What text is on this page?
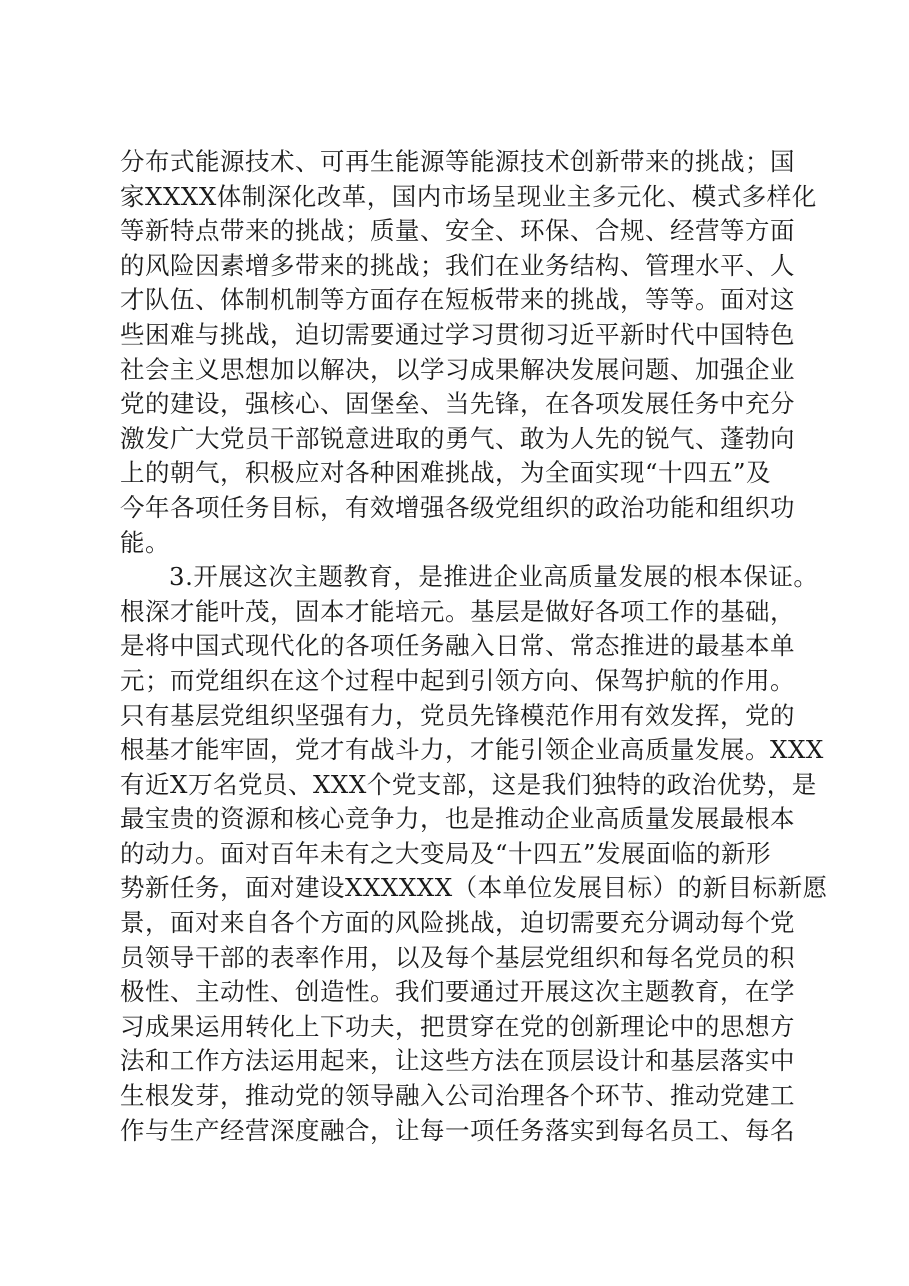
分布式能源技术、可再生能源等能源技术创新带来的挑战；国
家XXXX体制深化改革，国内市场呈现业主多元化、模式多样化
等新特点带来的挑战；质量、安全、环保、合规、经营等方面
的风险因素增多带来的挑战；我们在业务结构、管理水平、人
才队伍、体制机制等方面存在短板带来的挑战，等等。面对这
些困难与挑战，迫切需要通过学习贯彻习近平新时代中国特色
社会主义思想加以解决，以学习成果解决发展问题、加强企业
党的建设，强核心、固堡垒、当先锋，在各项发展任务中充分
激发广大党员干部锐意进取的勇气、敢为人先的锐气、蓬勃向
上的朝气，积极应对各种困难挑战，为全面实现“十四五”及
今年各项任务目标，有效增强各级党组织的政治功能和组织功
能。
3.开展这次主题教育，是推进企业高质量发展的根本保证。
根深才能叶茂，固本才能培元。基层是做好各项工作的基础，
是将中国式现代化的各项任务融入日常、常态推进的最基本单
元；而党组织在这个过程中起到引领方向、保驾护航的作用。
只有基层党组织坚强有力，党员先锋模范作用有效发挥，党的
根基才能牢固，党才有战斗力，才能引领企业高质量发展。XXX
有近X万名党员、XXX个党支部，这是我们独特的政治优势，是
最宝贵的资源和核心竞争力，也是推动企业高质量发展最根本
的动力。面对百年未有之大变局及“十四五”发展面临的新形
势新任务，面对建设XXXXXX（本单位发展目标）的新目标新愿
景，面对来自各个方面的风险挑战，迫切需要充分调动每个党
员领导干部的表率作用，以及每个基层党组织和每名党员的积
极性、主动性、创造性。我们要通过开展这次主题教育，在学
习成果运用转化上下功夫，把贯穿在党的创新理论中的思想方
法和工作方法运用起来，让这些方法在顶层设计和基层落实中
生根发芽，推动党的领导融入公司治理各个环节、推动党建工
作与生产经营深度融合，让每一项任务落实到每名员工、每名
